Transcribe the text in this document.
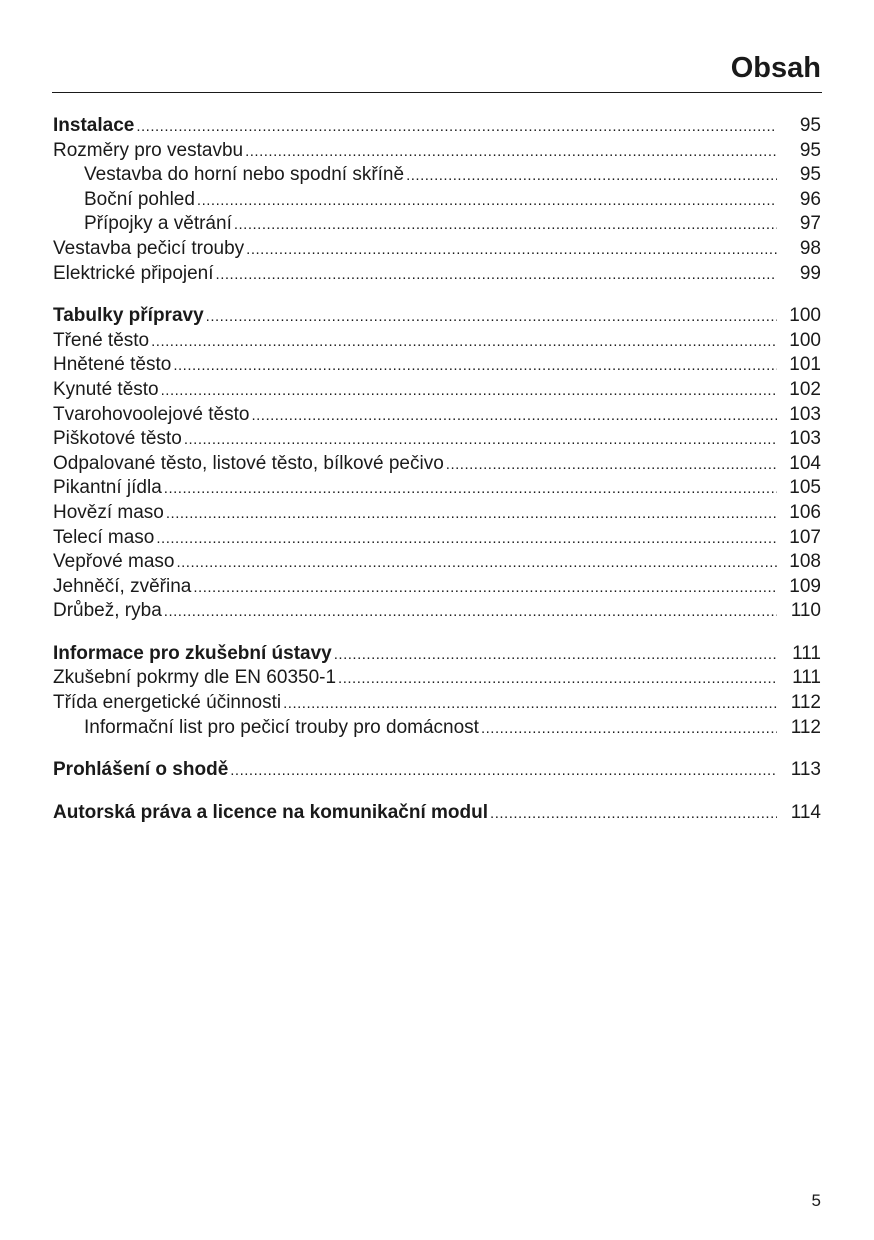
Obsah
Instalace .....	95
Rozměry pro vestavbu .....	95
Vestavba do horní nebo spodní skříně .....	95
Boční pohled .....	96
Přípojky a větrání .....	97
Vestavba pečicí trouby .....	98
Elektrické připojení .....	99
Tabulky přípravy .....	100
Třené těsto .....	100
Hnětené těsto .....	101
Kynuté těsto .....	102
Tvarohovoolejové těsto .....	103
Piškotové těsto .....	103
Odpalované těsto, listové těsto, bílkové pečivo .....	104
Pikantní jídla .....	105
Hovězí maso .....	106
Telecí maso .....	107
Vepřové maso .....	108
Jehněčí, zvěřina .....	109
Drůbež, ryba .....	110
Informace pro zkušební ústavy .....	111
Zkušební pokrmy dle EN 60350-1 .....	111
Třída energetické účinnosti .....	112
Informační list pro pečicí trouby pro domácnost .....	112
Prohlášení o shodě .....	113
Autorská práva a licence na komunikační modul .....	114
5
